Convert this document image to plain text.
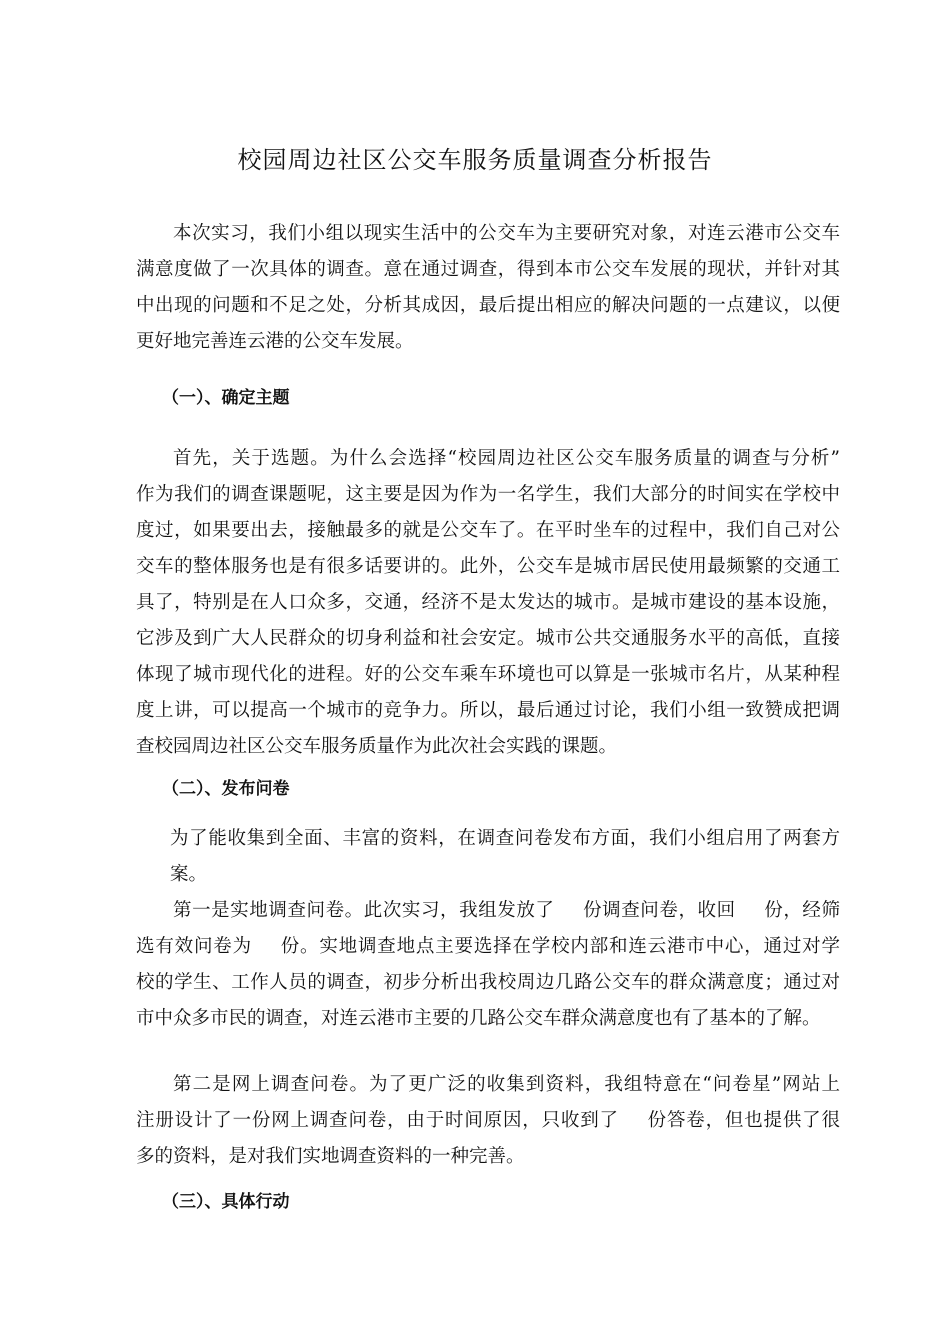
校园周边社区公交车服务质量调查分析报告

本次实习，我们小组以现实生活中的公交车为主要研究对象，对连云港市公交车
满意度做了一次具体的调查。意在通过调查，得到本市公交车发展的现状，并针对其
中出现的问题和不足之处，分析其成因，最后提出相应的解决问题的一点建议，以便
更好地完善连云港的公交车发展。

（一）、确定主题

首先，关于选题。为什么会选择“校园周边社区公交车服务质量的调查与分析”
作为我们的调查课题呢，这主要是因为作为一名学生，我们大部分的时间实在学校中
度过，如果要出去，接触最多的就是公交车了。在平时坐车的过程中，我们自己对公
交车的整体服务也是有很多话要讲的。此外，公交车是城市居民使用最频繁的交通工
具了，特别是在人口众多，交通，经济不是太发达的城市。是城市建设的基本设施，
它涉及到广大人民群众的切身利益和社会安定。城市公共交通服务水平的高低，直接
体现了城市现代化的进程。好的公交车乘车环境也可以算是一张城市名片，从某种程
度上讲，可以提高一个城市的竞争力。所以，最后通过讨论，我们小组一致赞成把调
查校园周边社区公交车服务质量作为此次社会实践的课题。

（二）、发布问卷

为了能收集到全面、丰富的资料，在调查问卷发布方面，我们小组启用了两套方
案。

第一是实地调查问卷。此次实习，我组发放了 份调查问卷，收回 份，经筛
选有效问卷为 份。实地调查地点主要选择在学校内部和连云港市中心，通过对学
校的学生、工作人员的调查，初步分析出我校周边几路公交车的群众满意度；通过对
市中众多市民的调查，对连云港市主要的几路公交车群众满意度也有了基本的了解。

第二是网上调查问卷。为了更广泛的收集到资料，我组特意在“问卷星”网站上
注册设计了一份网上调查问卷，由于时间原因，只收到了 份答卷，但也提供了很
多的资料，是对我们实地调查资料的一种完善。

（三）、具体行动
